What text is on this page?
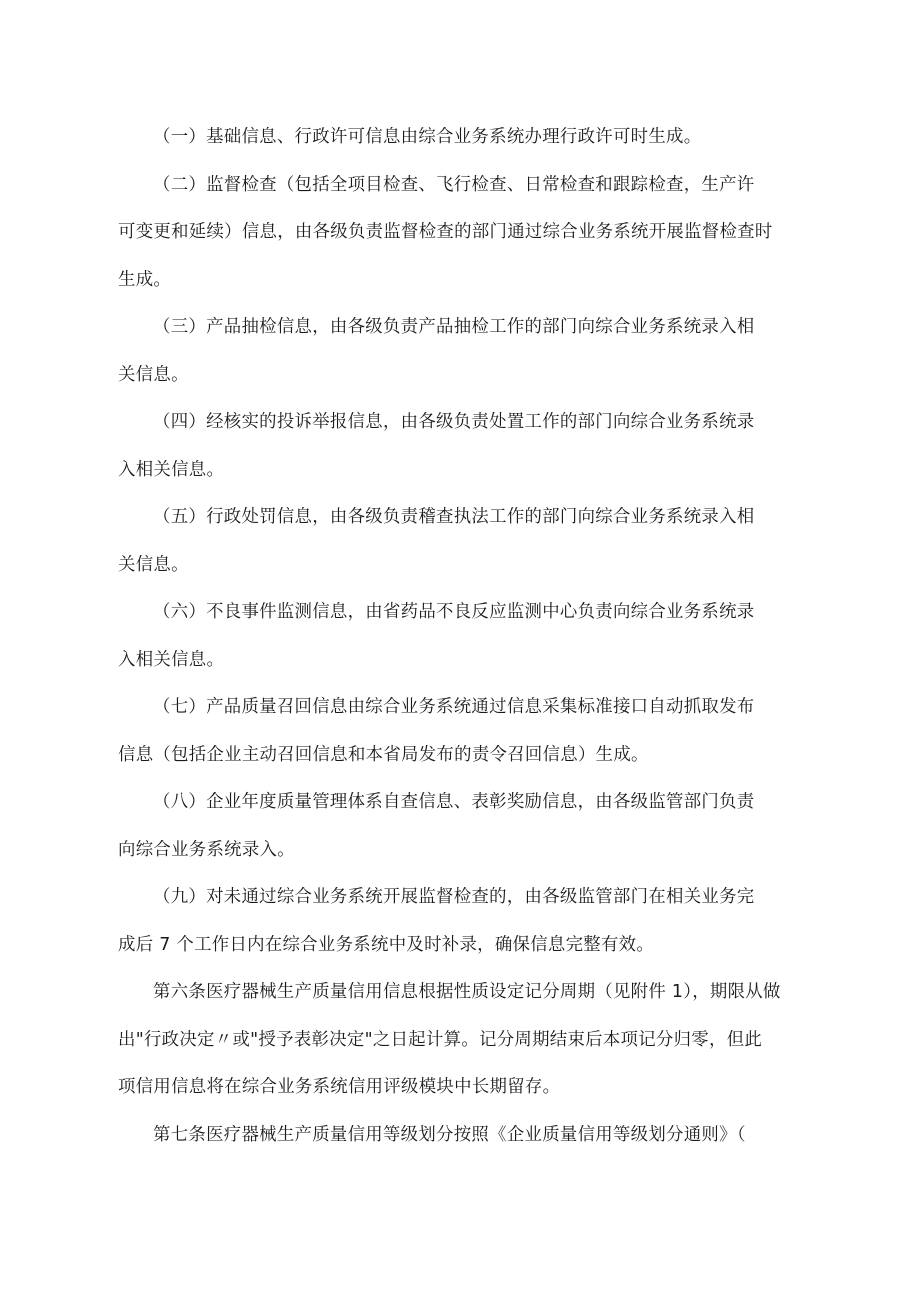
（一）基础信息、行政许可信息由综合业务系统办理行政许可时生成。
（二）监督检查（包括全项目检查、飞行检查、日常检查和跟踪检查，生产许
可变更和延续）信息，由各级负责监督检查的部门通过综合业务系统开展监督检查时
生成。
（三）产品抽检信息，由各级负责产品抽检工作的部门向综合业务系统录入相
关信息。
（四）经核实的投诉举报信息，由各级负责处置工作的部门向综合业务系统录
入相关信息。
（五）行政处罚信息，由各级负责稽查执法工作的部门向综合业务系统录入相
关信息。
（六）不良事件监测信息，由省药品不良反应监测中心负责向综合业务系统录
入相关信息。
（七）产品质量召回信息由综合业务系统通过信息采集标准接口自动抓取发布
信息（包括企业主动召回信息和本省局发布的责令召回信息）生成。
（八）企业年度质量管理体系自查信息、表彰奖励信息，由各级监管部门负责
向综合业务系统录入。
（九）对未通过综合业务系统开展监督检查的，由各级监管部门在相关业务完
成后 7 个工作日内在综合业务系统中及时补录，确保信息完整有效。
第六条医疗器械生产质量信用信息根据性质设定记分周期（见附件 1），期限从做
出"行政决定〃或"授予表彰决定"之日起计算。记分周期结束后本项记分归零，但此
项信用信息将在综合业务系统信用评级模块中长期留存。
第七条医疗器械生产质量信用等级划分按照《企业质量信用等级划分通则》（
